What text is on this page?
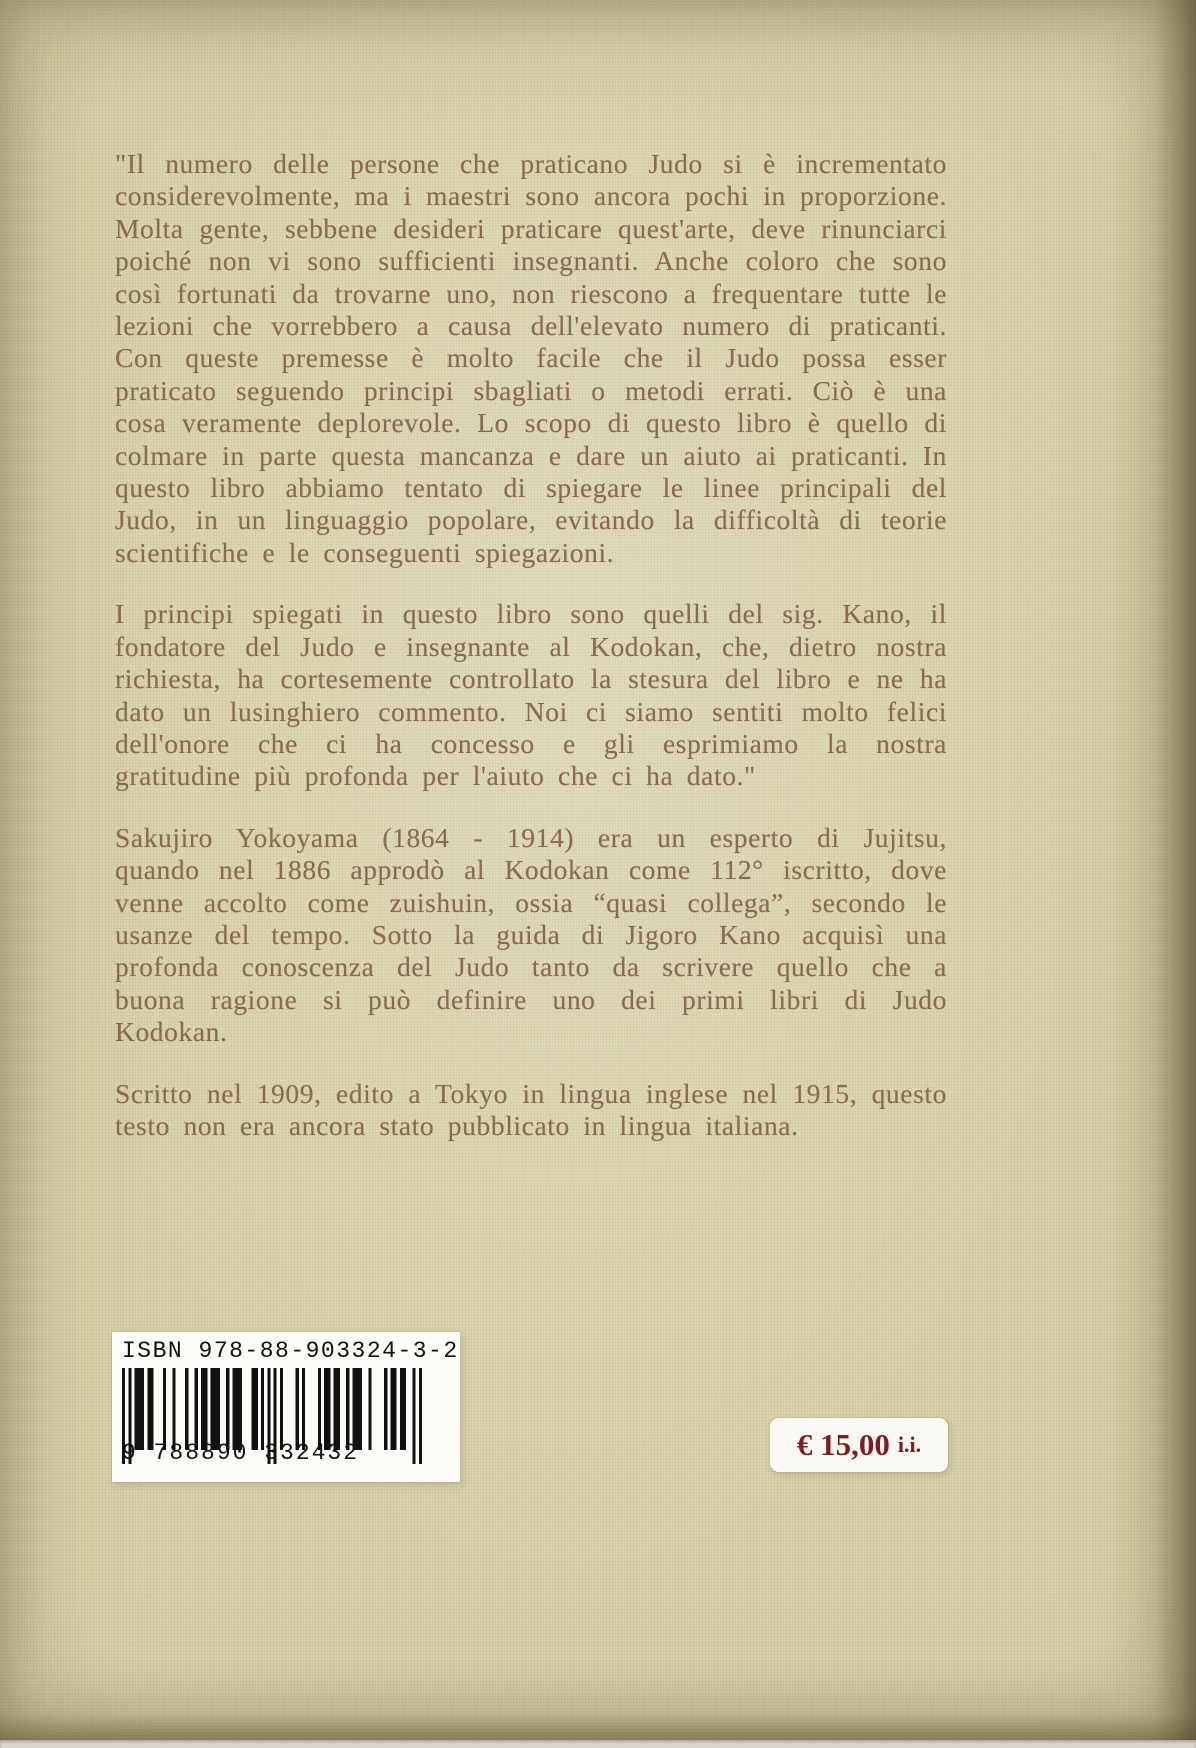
"Il numero delle persone che praticano Judo si è incrementato considerevolmente, ma i maestri sono ancora pochi in proporzione. Molta gente, sebbene desideri praticare quest'arte, deve rinunciarci poiché non vi sono sufficienti insegnanti. Anche coloro che sono così fortunati da trovarne uno, non riescono a frequentare tutte le lezioni che vorrebbero a causa dell'elevato numero di praticanti. Con queste premesse è molto facile che il Judo possa esser praticato seguendo principi sbagliati o metodi errati. Ciò è una cosa veramente deplorevole. Lo scopo di questo libro è quello di colmare in parte questa mancanza e dare un aiuto ai praticanti. In questo libro abbiamo tentato di spiegare le linee principali del Judo, in un linguaggio popolare, evitando la difficoltà di teorie scientifiche e le conseguenti spiegazioni.

I principi spiegati in questo libro sono quelli del sig. Kano, il fondatore del Judo e insegnante al Kodokan, che, dietro nostra richiesta, ha cortesemente controllato la stesura del libro e ne ha dato un lusinghiero commento. Noi ci siamo sentiti molto felici dell'onore che ci ha concesso e gli esprimiamo la nostra gratitudine più profonda per l'aiuto che ci ha dato."

Sakujiro Yokoyama (1864 - 1914) era un esperto di Jujitsu, quando nel 1886 approdò al Kodokan come 112° iscritto, dove venne accolto come zuishuin, ossia “quasi collega”, secondo le usanze del tempo. Sotto la guida di Jigoro Kano acquisì una profonda conoscenza del Judo tanto da scrivere quello che a buona ragione si può definire uno dei primi libri di Judo Kodokan.

Scritto nel 1909, edito a Tokyo in lingua inglese nel 1915, questo testo non era ancora stato pubblicato in lingua italiana.

ISBN 978-88-903324-3-2
9 788890 332432	€ 15,00 i.i.
